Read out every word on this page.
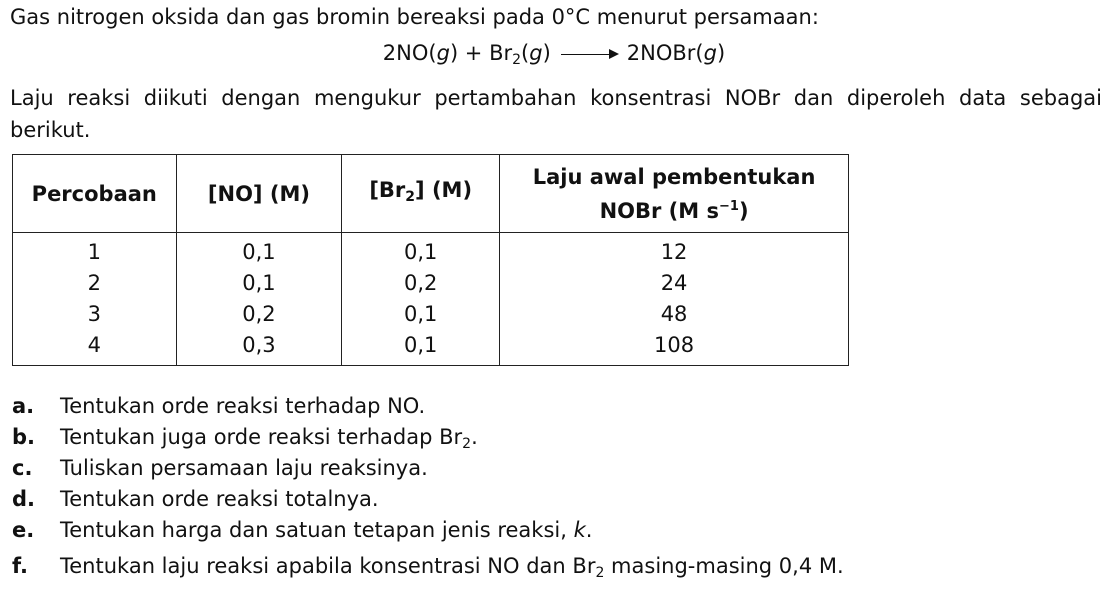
Gas nitrogen oksida dan gas bromin bereaksi pada 0°C menurut persamaan:
$2NO(g) + Br_2(g)$ → 2NOBr(g)
Laju reaksi diikuti dengan mengukur pertambahan konsentrasi NOBr dan diperoleh data sebagai berikut.
Percobaan	[NO] (M)	$[Br_2]$ (M)	Laju awal pembentukan
NOBr (M $s^{-1}$)

1	0,1	0,1	12
2	0,1	0,2	24
3	0,2	0,1	48
4	0,3	0,1	108
a. Tentukan orde reaksi terhadap NO.
b. Tentukan juga orde reaksi terhadap $Br_2$.
c. Tuliskan persamaan laju reaksinya.
d. Tentukan orde reaksi totalnya.
e. Tentukan harga dan satuan tetapan jenis reaksi, k.
f. Tentukan laju reaksi apabila konsentrasi NO dan $Br_2$ masing-masing 0,4 M.
